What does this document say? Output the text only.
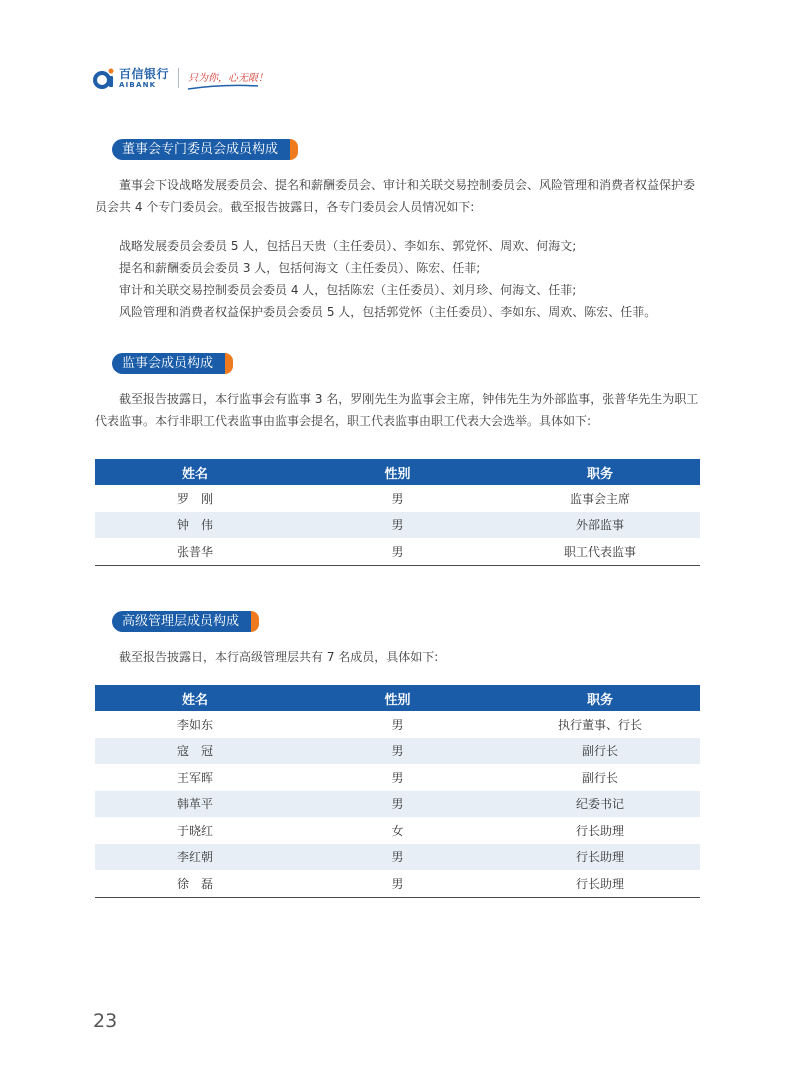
百信银行
AIBANK
只为你，心无限！
董事会专门委员会成员构成
董事会下设战略发展委员会、提名和薪酬委员会、审计和关联交易控制委员会、风险管理和消费者权益保护委员会共 4 个专门委员会。截至报告披露日，各专门委员会人员情况如下:
战略发展委员会委员 5 人，包括吕天贵（主任委员）、李如东、郭党怀、周欢、何海文;
提名和薪酬委员会委员 3 人，包括何海文（主任委员）、陈宏、任菲;
审计和关联交易控制委员会委员 4 人，包括陈宏（主任委员）、刘月珍、何海文、任菲;
风险管理和消费者权益保护委员会委员 5 人，包括郭党怀（主任委员）、李如东、周欢、陈宏、任菲。
监事会成员构成
截至报告披露日，本行监事会有监事 3 名，罗刚先生为监事会主席，钟伟先生为外部监事，张普华先生为职工代表监事。本行非职工代表监事由监事会提名，职工代表监事由职工代表大会选举。具体如下:
姓名	性别	职务
罗　刚	男	监事会主席
钟　伟	男	外部监事
张普华	男	职工代表监事
高级管理层成员构成
截至报告披露日，本行高级管理层共有 7 名成员，具体如下:
姓名	性别	职务
李如东	男	执行董事、行长
寇　冠	男	副行长
王军晖	男	副行长
韩革平	男	纪委书记
于晓红	女	行长助理
李红朝	男	行长助理
徐　磊	男	行长助理
23
